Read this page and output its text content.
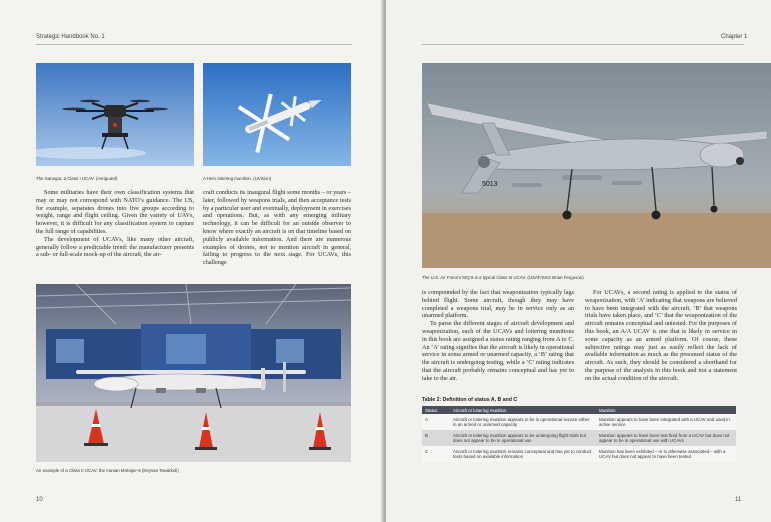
Strategic Handbook No. 1
The Sanegar, a Class I UCAV. (Asriguard)	A Hero loitering munition. (UVision)

Some militaries have their own classification systems that may or may not correspond with NATO’s guidance. The US, for example, separates drones into five groups according to weight, range and flight ceiling. Given the variety of UAVs, however, it is difficult for any classification system to capture the full range of capabilities.

The development of UCAVs, like many other aircraft, generally follow a predictable trend: the manufacturer presents a sub- or full-scale mock-up of the aircraft, the air-

craft conducts its inaugural flight some months – or years – later, followed by weapons trials, and then acceptance tests by a particular user and eventually, deployment in exercises and operations. But, as with any emerging military technology, it can be difficult for an outside observer to know where exactly an aircraft is on that timeline based on publicly available information. And there are numerous examples of drones, not to mention aircraft in general, failing to progress to the next stage. For UCAVs, this challenge

An example of a Class II UCAV: the Iranian Mohajer-6 (Keyvan Tavakkoli)
10
Chapter 1
5013
The U.S. Air Force’s MQ-9 is a typical Class III UCAV. (USAF/SSG Brian Ferguson)

is compounded by the fact that weaponization typically lags behind flight. Some aircraft, though they may have completed a weapons trial, may be in service only as an unarmed platform.

To parse the different stages of aircraft development and weaponization, each of the UCAVs and loitering munitions in this book are assigned a status rating ranging from A to C. An ‘A’ rating signifies that the aircraft is likely in operational service in some armed or unarmed capacity, a ‘B’ rating that the aircraft is undergoing testing, while a ‘C’ rating indicates that the aircraft probably remains conceptual and has yet to take to the air.

For UCAVs, a second rating is applied to the status of weaponization, with ‘A’ indicating that weapons are believed to have been integrated with the aircraft, ‘B’ that weapons trials have taken place, and ‘C’ that the weaponization of the aircraft remains conceptual and untested. For the purposes of this book, an A/A UCAV is one that is likely in service in some capacity as an armed platform. Of course, these subjective ratings may just as easily reflect the lack of available information as much as the presumed status of the aircraft. As such, they should be considered a shorthand for the purpose of the analysis in this book and not a statement on the actual condition of the aircraft.

Table 2: Definition of status A, B and C
Status	Aircraft or loitering munition	Munition
A	Aircraft or loitering munition appears to be in operational service either in an armed or unarmed capacity	Munition appears to have been integrated with a UCAV and used in active service
B	Aircraft or loitering munition appears to be undergoing flight trials but does not appear to be in operational use	Munition appears to have been test fired from a UCAV but does not appear to be in operational use with UCAVs
C	Aircraft or loitering munition remains conceptual and has yet to conduct tests based on available information	Munition has been exhibited – or is otherwise associated – with a UCAV but does not appear to have been tested
11
